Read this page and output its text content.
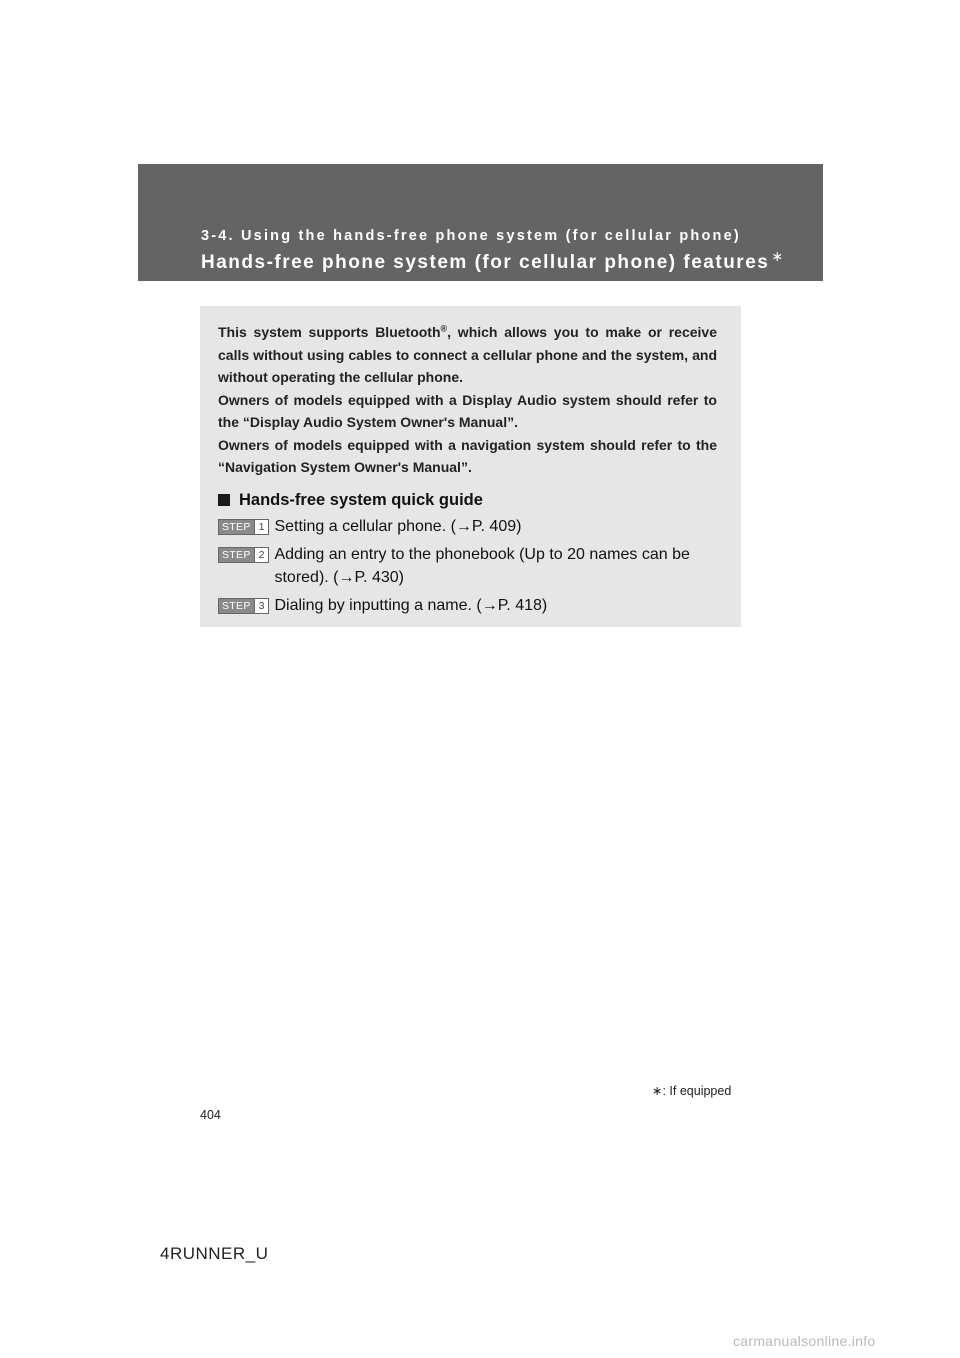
3-4. Using the hands-free phone system (for cellular phone)
Hands-free phone system (for cellular phone) features ∗

This system supports Bluetooth®, which allows you to make or receive calls without using cables to connect a cellular phone and the system, and without operating the cellular phone.

Owners of models equipped with a Display Audio system should refer to the “Display Audio System Owner's Manual”.

Owners of models equipped with a navigation system should refer to the “Navigation System Owner's Manual”.

Hands-free system quick guide
STEP 1 Setting a cellular phone. (→P. 409)
STEP 2 Adding an entry to the phonebook (Up to 20 names can be stored). (→P. 430)
STEP 3 Dialing by inputting a name. (→P. 418)
∗: If equipped
404
4RUNNER_U
carmanualsonline.info
